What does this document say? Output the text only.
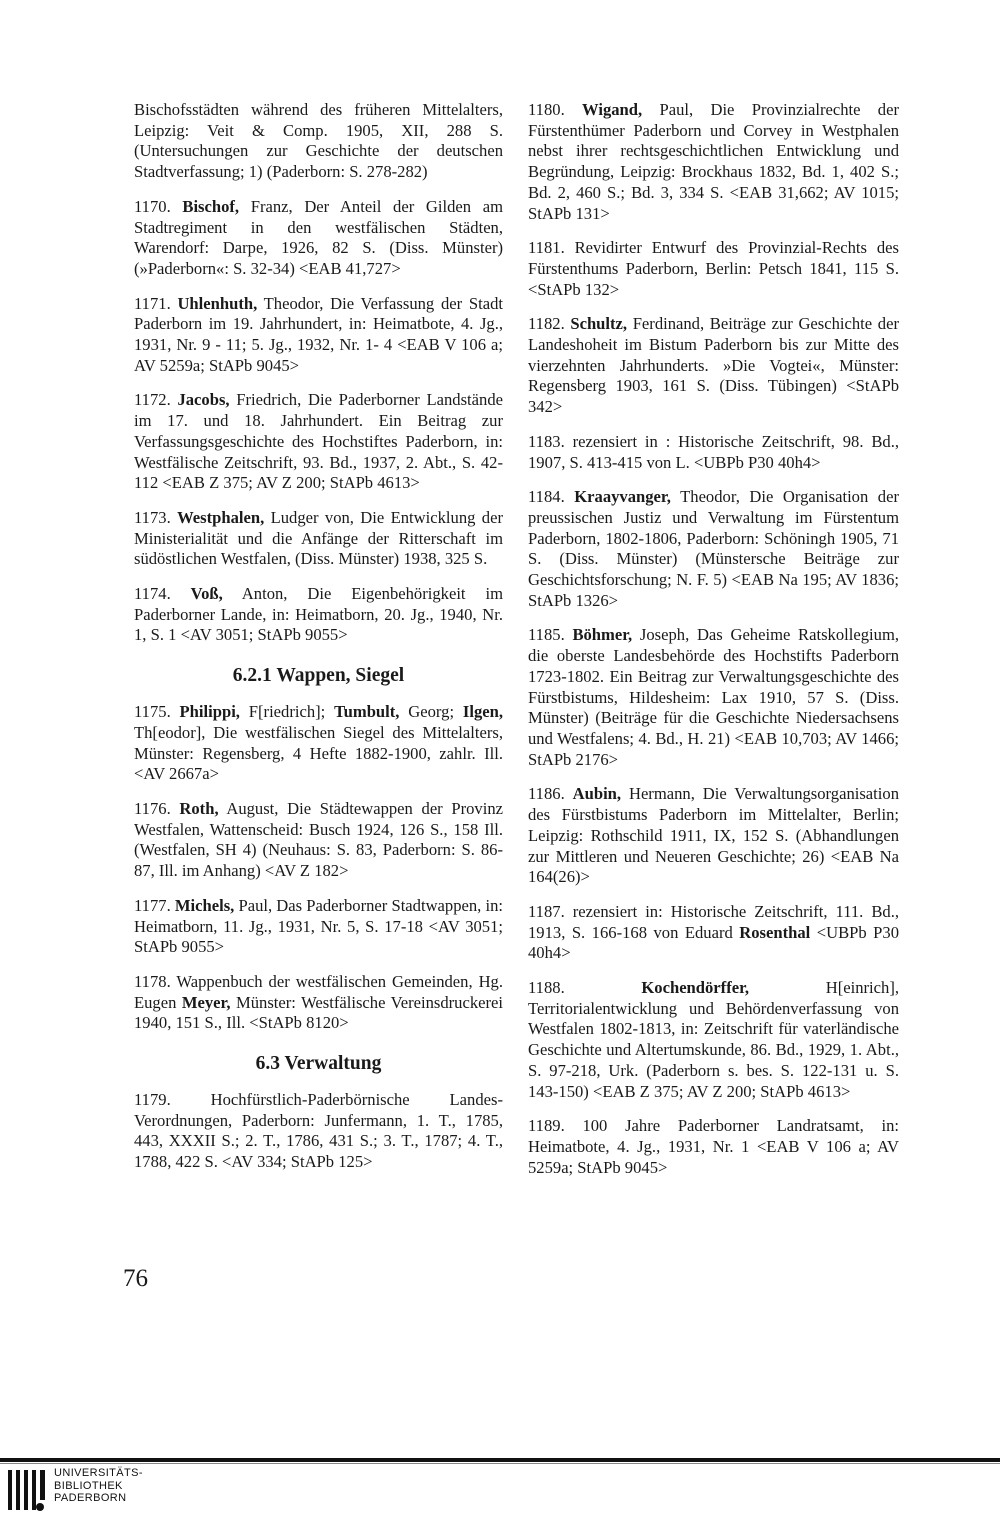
Bischofsstädten während des früheren Mittelalters, Leipzig: Veit & Comp. 1905, XII, 288 S. (Untersuchungen zur Geschichte der deutschen Stadtverfassung; 1) (Paderborn: S. 278-282)
1170. Bischof, Franz, Der Anteil der Gilden am Stadtregiment in den westfälischen Städten, Warendorf: Darpe, 1926, 82 S. (Diss. Münster) (»Paderborn«: S. 32-34) <EAB 41,727>
1171. Uhlenhuth, Theodor, Die Verfassung der Stadt Paderborn im 19. Jahrhundert, in: Heimatbote, 4. Jg., 1931, Nr. 9 - 11; 5. Jg., 1932, Nr. 1- 4 <EAB V 106 a; AV 5259a; StAPb 9045>
1172. Jacobs, Friedrich, Die Paderborner Landstände im 17. und 18. Jahrhundert. Ein Beitrag zur Verfassungsgeschichte des Hochstiftes Paderborn, in: Westfälische Zeitschrift, 93. Bd., 1937, 2. Abt., S. 42-112 <EAB Z 375; AV Z 200; StAPb 4613>
1173. Westphalen, Ludger von, Die Entwicklung der Ministerialität und die Anfänge der Ritterschaft im südöstlichen Westfalen, (Diss. Münster) 1938, 325 S.
1174. Voß, Anton, Die Eigenbehörigkeit im Paderborner Lande, in: Heimatborn, 20. Jg., 1940, Nr. 1, S. 1 <AV 3051; StAPb 9055>
6.2.1 Wappen, Siegel
1175. Philippi, F[riedrich]; Tumbult, Georg; Ilgen, Th[eodor], Die westfälischen Siegel des Mittelalters, Münster: Regensberg, 4 Hefte 1882-1900, zahlr. Ill. <AV 2667a>
1176. Roth, August, Die Städtewappen der Provinz Westfalen, Wattenscheid: Busch 1924, 126 S., 158 Ill. (Westfalen, SH 4) (Neuhaus: S. 83, Paderborn: S. 86-87, Ill. im Anhang) <AV Z 182>
1177. Michels, Paul, Das Paderborner Stadtwappen, in: Heimatborn, 11. Jg., 1931, Nr. 5, S. 17-18 <AV 3051; StAPb 9055>
1178. Wappenbuch der westfälischen Gemeinden, Hg. Eugen Meyer, Münster: Westfälische Vereinsdruckerei 1940, 151 S., Ill. <StAPb 8120>
6.3 Verwaltung
1179. Hochfürstlich-Paderbörnische Landes-Verordnungen, Paderborn: Junfermann, 1. T., 1785, 443, XXXII S.; 2. T., 1786, 431 S.; 3. T., 1787; 4. T., 1788, 422 S. <AV 334; StAPb 125>
1180. Wigand, Paul, Die Provinzialrechte der Fürstenthümer Paderborn und Corvey in Westphalen nebst ihrer rechtsgeschichtlichen Entwicklung und Begründung, Leipzig: Brockhaus 1832, Bd. 1, 402 S.; Bd. 2, 460 S.; Bd. 3, 334 S. <EAB 31,662; AV 1015; StAPb 131>
1181. Revidirter Entwurf des Provinzial-Rechts des Fürstenthums Paderborn, Berlin: Petsch 1841, 115 S. <StAPb 132>
1182. Schultz, Ferdinand, Beiträge zur Geschichte der Landeshoheit im Bistum Paderborn bis zur Mitte des vierzehnten Jahrhunderts. »Die Vogtei«, Münster: Regensberg 1903, 161 S. (Diss. Tübingen) <StAPb 342>
1183. rezensiert in : Historische Zeitschrift, 98. Bd., 1907, S. 413-415 von L. <UBPb P30 40h4>
1184. Kraayvanger, Theodor, Die Organisation der preussischen Justiz und Verwaltung im Fürstentum Paderborn, 1802-1806, Paderborn: Schöningh 1905, 71 S. (Diss. Münster) (Münstersche Beiträge zur Geschichtsforschung; N. F. 5) <EAB Na 195; AV 1836; StAPb 1326>
1185. Böhmer, Joseph, Das Geheime Ratskollegium, die oberste Landesbehörde des Hochstifts Paderborn 1723-1802. Ein Beitrag zur Verwaltungsgeschichte des Fürstbistums, Hildesheim: Lax 1910, 57 S. (Diss. Münster) (Beiträge für die Geschichte Niedersachsens und Westfalens; 4. Bd., H. 21) <EAB 10,703; AV 1466; StAPb 2176>
1186. Aubin, Hermann, Die Verwaltungsorganisation des Fürstbistums Paderborn im Mittelalter, Berlin; Leipzig: Rothschild 1911, IX, 152 S. (Abhandlungen zur Mittleren und Neueren Geschichte; 26) <EAB Na 164(26)>
1187. rezensiert in: Historische Zeitschrift, 111. Bd., 1913, S. 166-168 von Eduard Rosenthal <UBPb P30 40h4>
1188. Kochendörffer, H[einrich], Territorialentwicklung und Behördenverfassung von Westfalen 1802-1813, in: Zeitschrift für vaterländische Geschichte und Altertumskunde, 86. Bd., 1929, 1. Abt., S. 97-218, Urk. (Paderborn s. bes. S. 122-131 u. S. 143-150) <EAB Z 375; AV Z 200; StAPb 4613>
1189. 100 Jahre Paderborner Landratsamt, in: Heimatbote, 4. Jg., 1931, Nr. 1 <EAB V 106 a; AV 5259a; StAPb 9045>
76
UNIVERSITÄTS-
BIBLIOTHEK
PADERBORN
